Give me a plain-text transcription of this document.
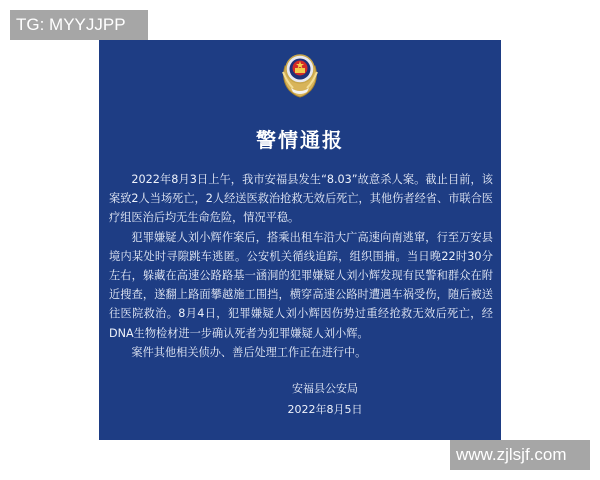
TG: MYYJJPP
警情通报

2022年8月3日上午，我市安福县发生“8.03”故意杀人案。截止目前，该案致2人当场死亡，2人经送医救治抢救无效后死亡，其他伤者经省、市联合医疗组医治后均无生命危险，情况平稳。

犯罪嫌疑人刘小辉作案后，搭乘出租车沿大广高速向南逃窜，行至万安县境内某处时寻隙跳车逃匿。公安机关循线追踪，组织围捕。当日晚22时30分左右，躲藏在高速公路路基一涵洞的犯罪嫌疑人刘小辉发现有民警和群众在附近搜查，遂翻上路面攀越施工围挡，横穿高速公路时遭遇车祸受伤，随后被送往医院救治。8月4日，犯罪嫌疑人刘小辉因伤势过重经抢救无效后死亡，经DNA生物检材进一步确认死者为犯罪嫌疑人刘小辉。

案件其他相关侦办、善后处理工作正在进行中。

安福县公安局
2022年8月5日
www.zjlsjf.com
